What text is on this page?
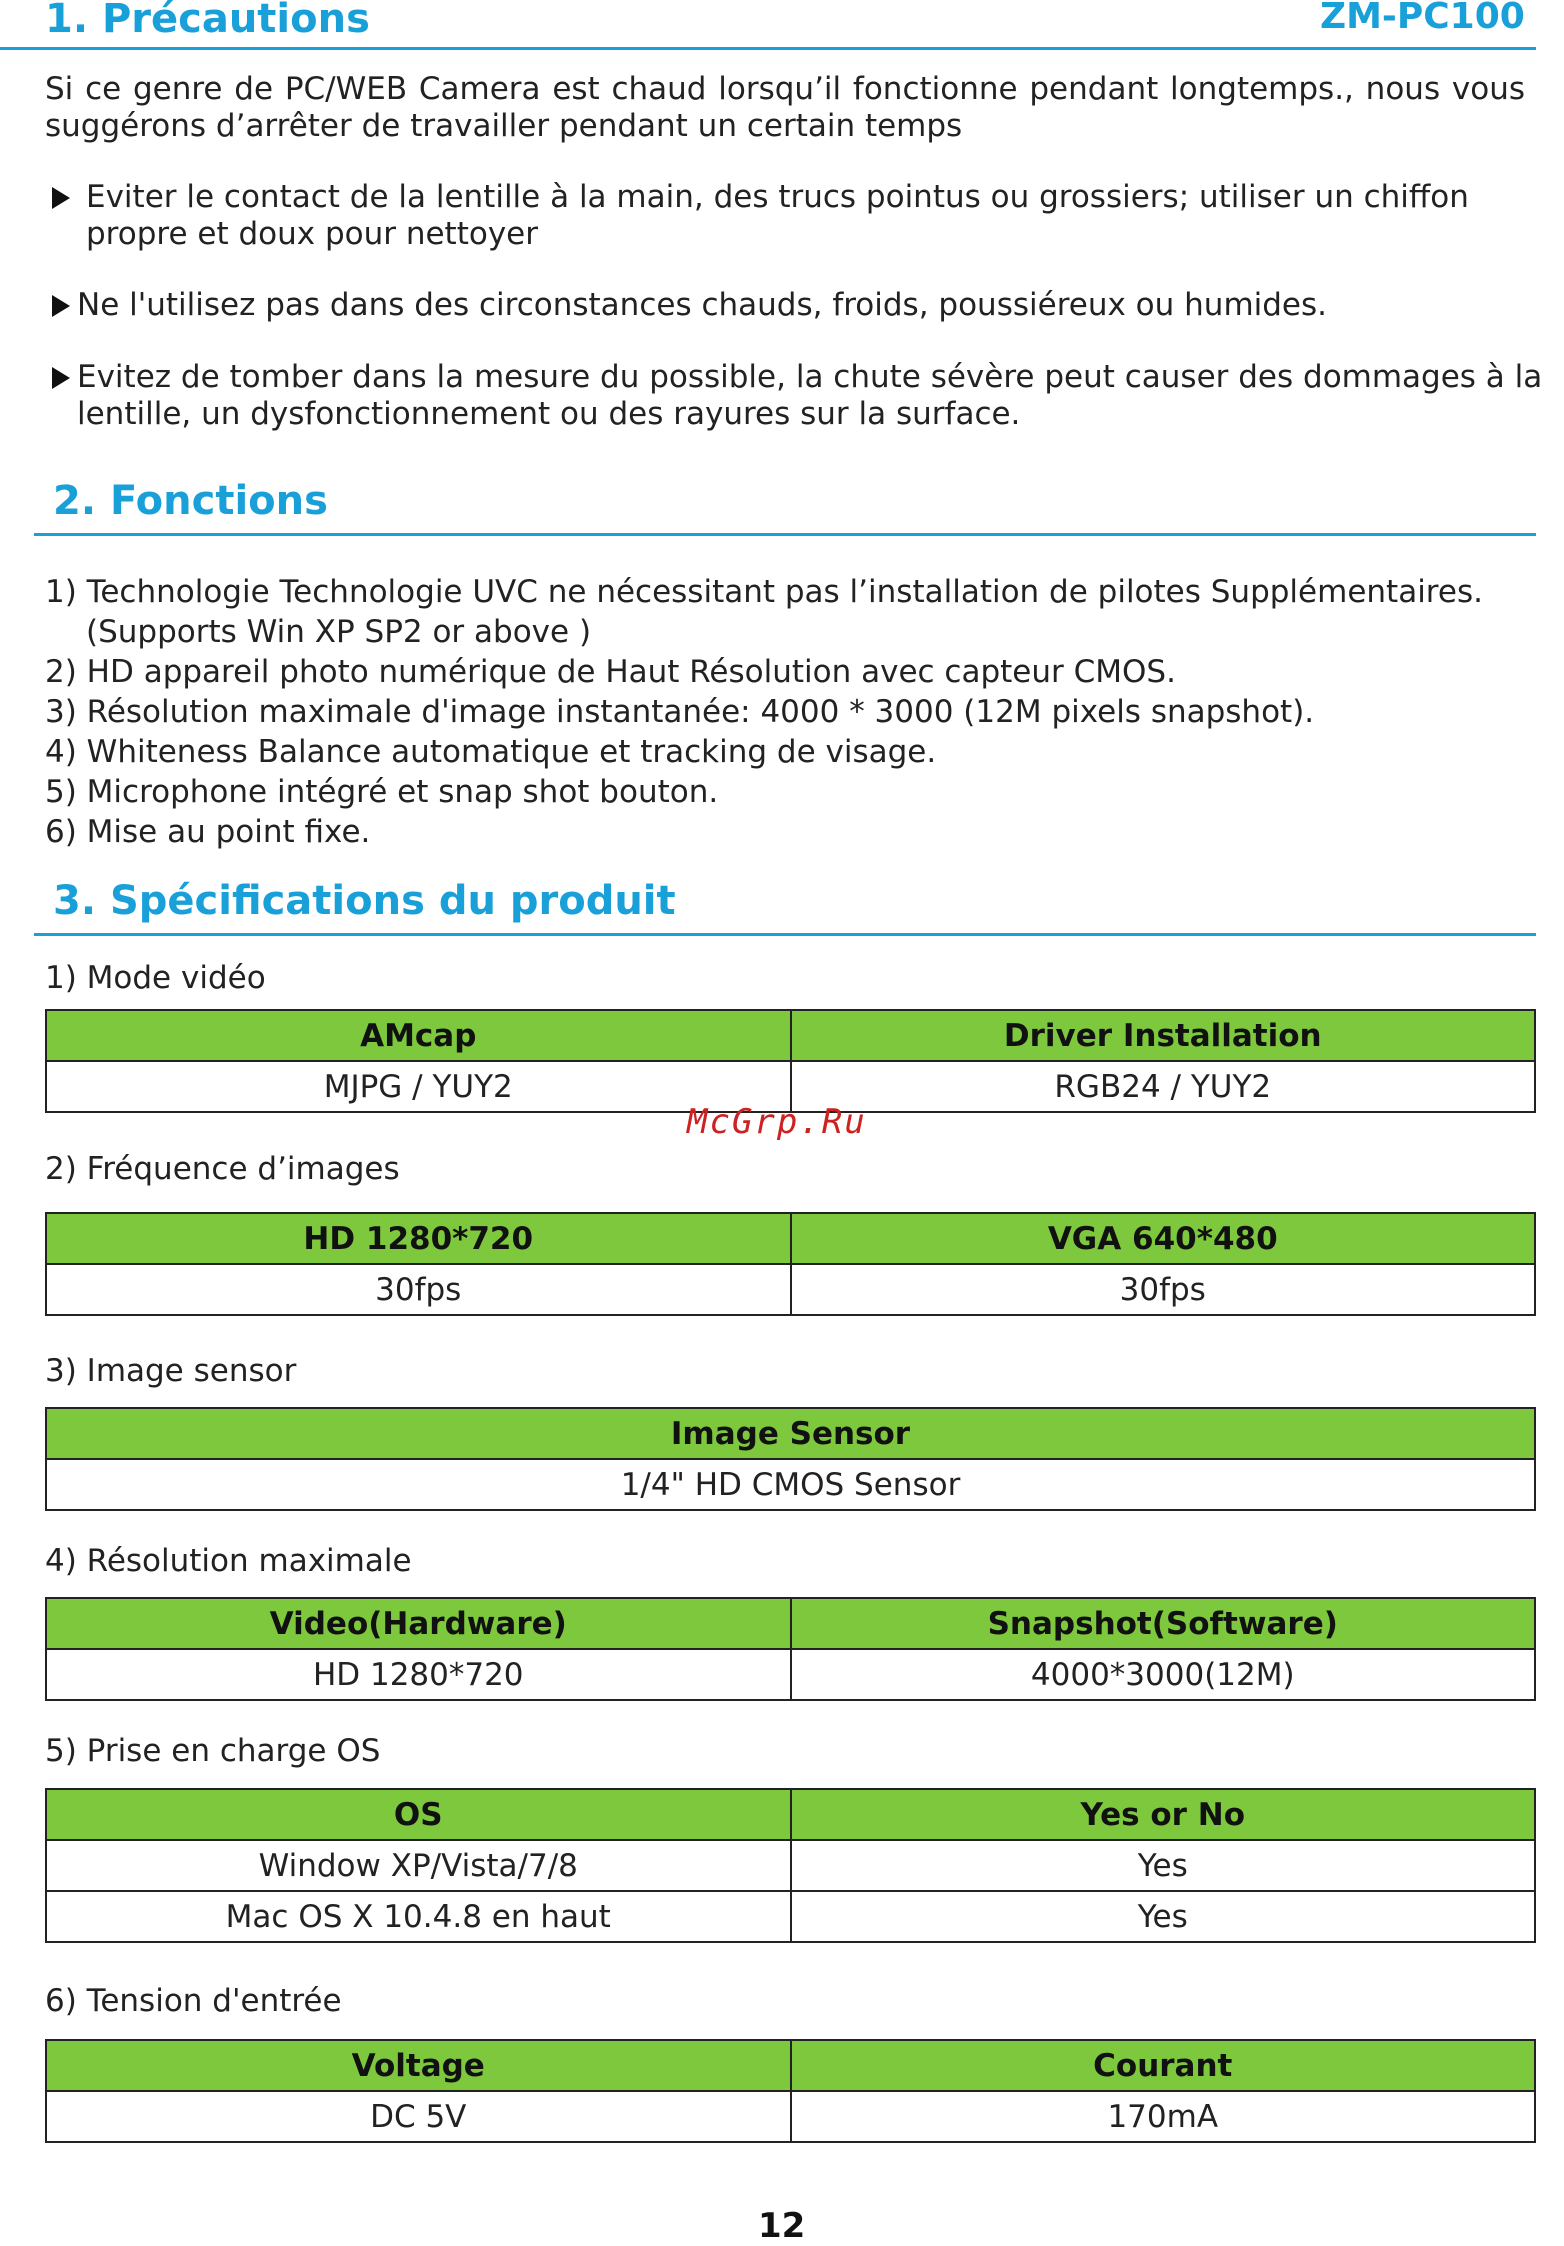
1. Précautions	ZM-PC100
Si ce genre de PC/WEB Camera est chaud lorsqu’il fonctionne pendant longtemps., nous vous
suggérons d’arrêter de travailler pendant un certain temps
Eviter le contact de la lentille à la main, des trucs pointus ou grossiers; utiliser un chiffon
propre et doux pour nettoyer
Ne l'utilisez pas dans des circonstances chauds, froids, poussiéreux ou humides.
Evitez de tomber dans la mesure du possible, la chute sévère peut causer des dommages à la
lentille, un dysfonctionnement ou des rayures sur la surface.
2. Fonctions
1) Technologie Technologie UVC ne nécessitant pas l’installation de pilotes Supplémentaires.
(Supports Win XP SP2 or above )
2) HD appareil photo numérique de Haut Résolution avec capteur CMOS.
3) Résolution maximale d'image instantanée: 4000 * 3000 (12M pixels snapshot).
4) Whiteness Balance automatique et tracking de visage.
5) Microphone intégré et snap shot bouton.
6) Mise au point fixe.
3. Spécifications du produit
1) Mode vidéo
AMcap	Driver Installation
MJPG / YUY2	RGB24 / YUY2
McGrp.Ru
2) Fréquence d’images
HD 1280*720	VGA 640*480
30fps	30fps
3) Image sensor
Image Sensor
1/4" HD CMOS Sensor
4) Résolution maximale
Video(Hardware)	Snapshot(Software)
HD 1280*720	4000*3000(12M)
5) Prise en charge OS
OS	Yes or No
Window XP/Vista/7/8	Yes
Mac OS X 10.4.8 en haut	Yes
6) Tension d'entrée
Voltage	Courant
DC 5V	170mA
12
